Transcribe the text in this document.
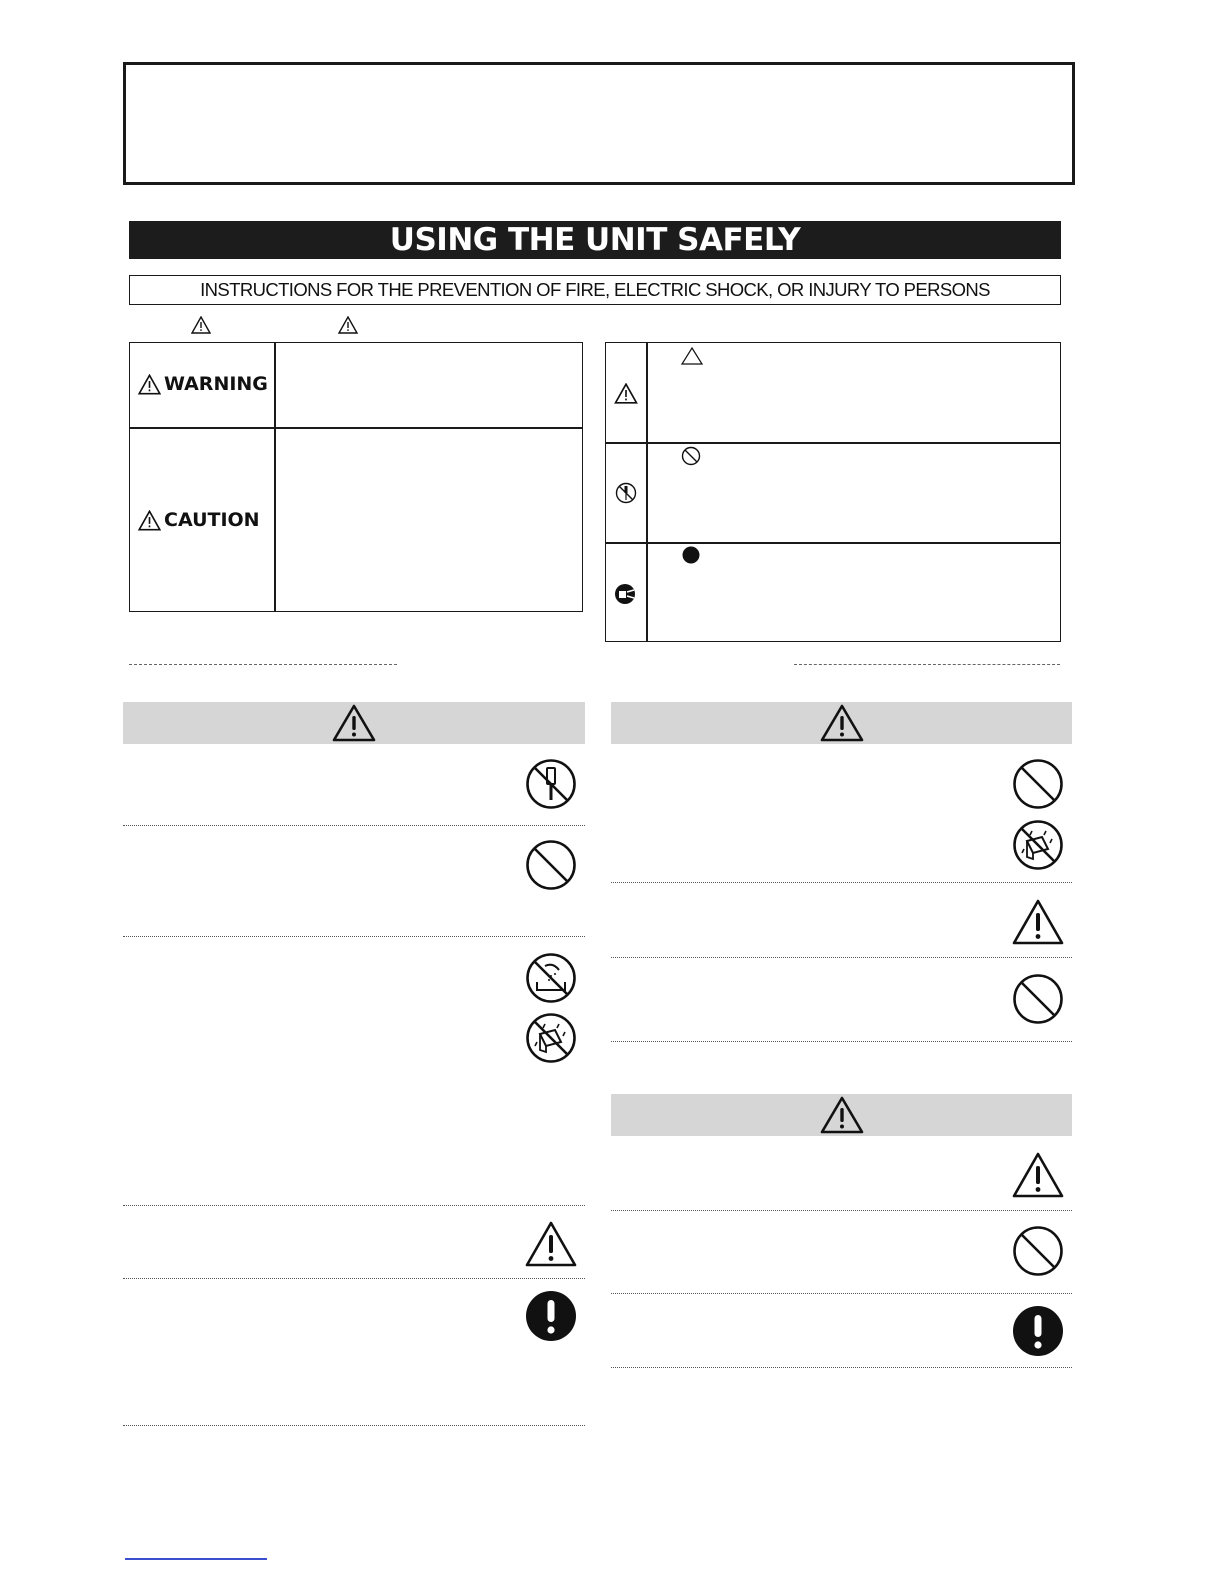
USING THE UNIT SAFELY
INSTRUCTIONS FOR THE PREVENTION OF FIRE, ELECTRIC SHOCK, OR INJURY TO PERSONS
WARNING
CAUTION
